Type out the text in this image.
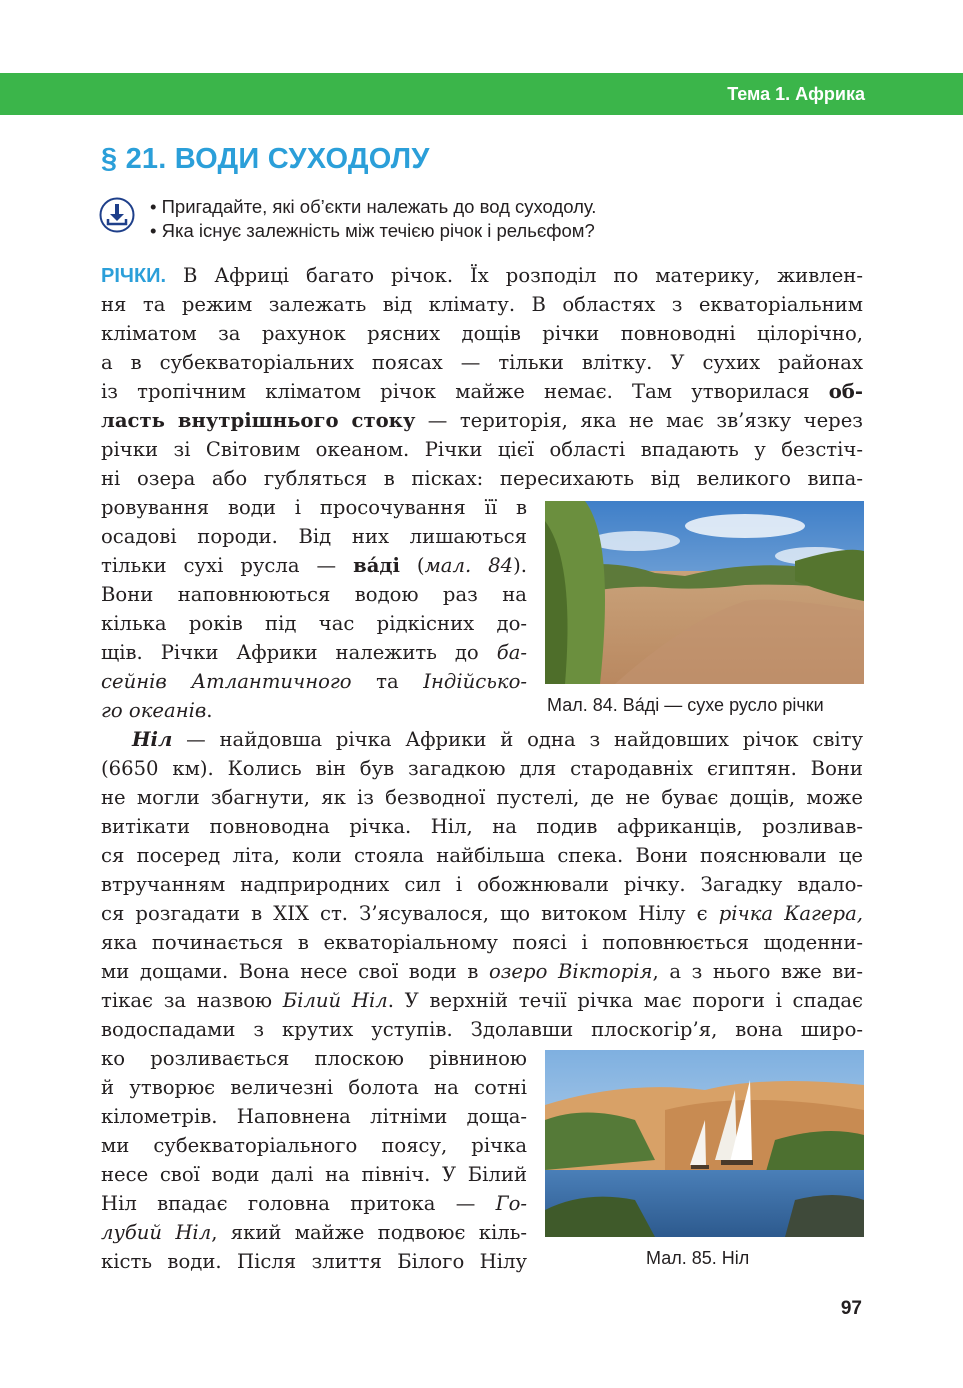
Тема 1. Африка
§ 21. ВОДИ СУХОДОЛУ
• Пригадайте, які об’єкти належать до вод суходолу.
• Яка існує залежність між течією річок і рельєфом?
РІЧКИ. В Африці багато річок. Їх розподіл по материку, живлен-
ня та режим залежать від клімату. В областях з екваторіальним
кліматом за рахунок рясних дощів річки повноводні цілорічно,
а в субекваторіальних поясах — тільки влітку. У сухих районах
із тропічним кліматом річок майже немає. Там утворилася об-
ласть внутрішнього стоку — територія, яка не має зв’язку через
річки зі Світовим океаном. Річки цієї області впадають у безстіч-
ні озера або губляться в пісках: пересихають від великого випа-
ровування води і просочування її в
осадові породи. Від них лишаються
тільки сухі русла — ва́ді (мал. 84).
Вони наповнюються водою раз на
кілька років під час рідкісних до-
щів. Річки Африки належить до ба-
сейнів Атлантичного та Індійсько-
го океанів.	Мал. 84. Ва́ді — сухе русло річки
Ніл — найдовша річка Африки й одна з найдовших річок світу
(6650 км). Колись він був загадкою для стародавніх єгиптян. Вони
не могли збагнути, як із безводної пустелі, де не буває дощів, може
витікати повноводна річка. Ніл, на подив африканців, розливав-
ся посеред літа, коли стояла найбільша спека. Вони пояснювали це
втручанням надприродних сил і обожнювали річку. Загадку вдало-
ся розгадати в XIX ст. З’ясувалося, що витоком Нілу є річка Кагера,
яка починається в екваторіальному поясі і поповнюється щоденни-
ми дощами. Вона несе свої води в озеро Вікторія, а з нього вже ви-
тікає за назвою Білий Ніл. У верхній течії річка має пороги і спадає
водоспадами з крутих уступів. Здолавши плоскогір’я, вона широ-
ко розливається плоскою рівниною
й утворює величезні болота на сотні
кілометрів. Наповнена літніми доща-
ми субекваторіального поясу, річка
несе свої води далі на північ. У Білий
Ніл впадає головна притока — Го-
лубий Ніл, який майже подвоює кіль-
кість води. Після злиття Білого Нілу	Мал. 85. Ніл
97
